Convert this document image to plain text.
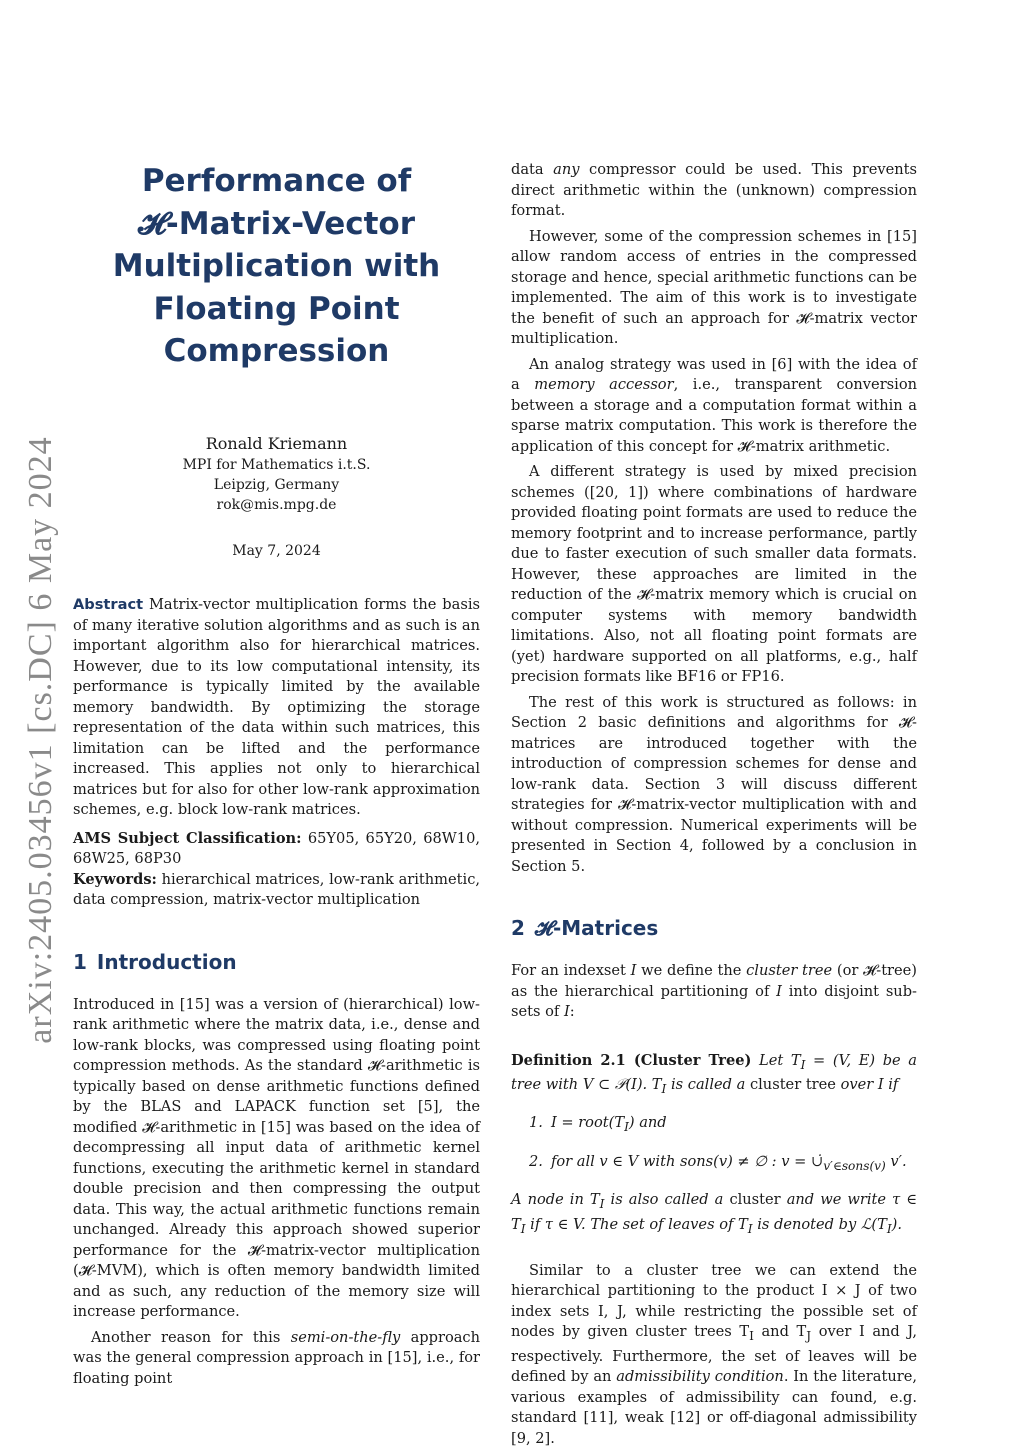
arXiv:2405.03456v1 [cs.DC] 6 May 2024
Performance of
𝓗-Matrix-Vector
Multiplication with
Floating Point
Compression
Ronald Kriemann
MPI for Mathematics i.t.S.
Leipzig, Germany
rok@mis.mpg.de
May 7, 2024

Abstract Matrix-vector multiplication forms the basis of many iterative solution algorithms and as such is an important algorithm also for hierarchical matrices. However, due to its low computational intensity, its performance is typically limited by the available memory bandwidth. By optimizing the storage representation of the data within such matrices, this limitation can be lifted and the performance increased. This applies not only to hierarchical matrices but for also for other low-rank approximation schemes, e.g. block low-rank matrices.

AMS Subject Classification: 65Y05, 65Y20, 68W10, 68W25, 68P30

Keywords: hierarchical matrices, low-rank arithmetic, data compression, matrix-vector multiplication

1 Introduction

Introduced in [15] was a version of (hierarchical) low-rank arithmetic where the matrix data, i.e., dense and low-rank blocks, was compressed using floating point compression methods. As the standard 𝓗-arithmetic is typically based on dense arithmetic functions defined by the BLAS and LAPACK function set [5], the modified 𝓗-arithmetic in [15] was based on the idea of decompressing all input data of arithmetic kernel functions, executing the arithmetic kernel in standard double precision and then compressing the output data. This way, the actual arithmetic functions remain unchanged. Already this approach showed superior performance for the 𝓗-matrix-vector multiplication (𝓗-MVM), which is often memory bandwidth limited and as such, any reduction of the memory size will increase performance.

Another reason for this semi-on-the-fly approach was the general compression approach in [15], i.e., for floating point

data any compressor could be used. This prevents direct arithmetic within the (unknown) compression format.

However, some of the compression schemes in [15] allow random access of entries in the compressed storage and hence, special arithmetic functions can be implemented. The aim of this work is to investigate the benefit of such an approach for 𝓗-matrix vector multiplication.

An analog strategy was used in [6] with the idea of a memory accessor, i.e., transparent conversion between a storage and a computation format within a sparse matrix computation. This work is therefore the application of this concept for 𝓗-matrix arithmetic.

A different strategy is used by mixed precision schemes ([20, 1]) where combinations of hardware provided floating point formats are used to reduce the memory footprint and to increase performance, partly due to faster execution of such smaller data formats. However, these approaches are limited in the reduction of the 𝓗-matrix memory which is crucial on computer systems with memory bandwidth limitations. Also, not all floating point formats are (yet) hardware supported on all platforms, e.g., half precision formats like BF16 or FP16.

The rest of this work is structured as follows: in Section 2 basic definitions and algorithms for 𝓗-matrices are introduced together with the introduction of compression schemes for dense and low-rank data. Section 3 will discuss different strategies for 𝓗-matrix-vector multiplication with and without compression. Numerical experiments will be presented in Section 4, followed by a conclusion in Section 5.

2 𝓗-Matrices

For an indexset I we define the cluster tree (or 𝓗-tree) as the hierarchical partitioning of I into disjoint sub-sets of I:

Definition 2.1 (Cluster Tree) Let $T_I = (V$, E) be a tree with V ⊂ 𝒫(I). $T_I$ is called a cluster tree over I if

1. $I = root(T_I)$ and
2. for all v ∈ V with sons(v) ≠ ∅ : $v = \cuṗ_{v'\in sons(v)}$ v′.

A node in $T_I$ is also called a cluster and we write τ ∈ $T_I$ if τ ∈ V. The set of leaves of $T_I$ is denoted by $ℒ(T_I)$.

Similar to a cluster tree we can extend the hierarchical partitioning to the product I × J of two index sets I, J, while restricting the possible set of nodes by given cluster trees $T_I$ and $T_J$ over I and J, respectively. Furthermore, the set of leaves will be defined by an admissibility condition. In the literature, various examples of admissibility can found, e.g. standard [11], weak [12] or off-diagonal admissibility [9, 2].
